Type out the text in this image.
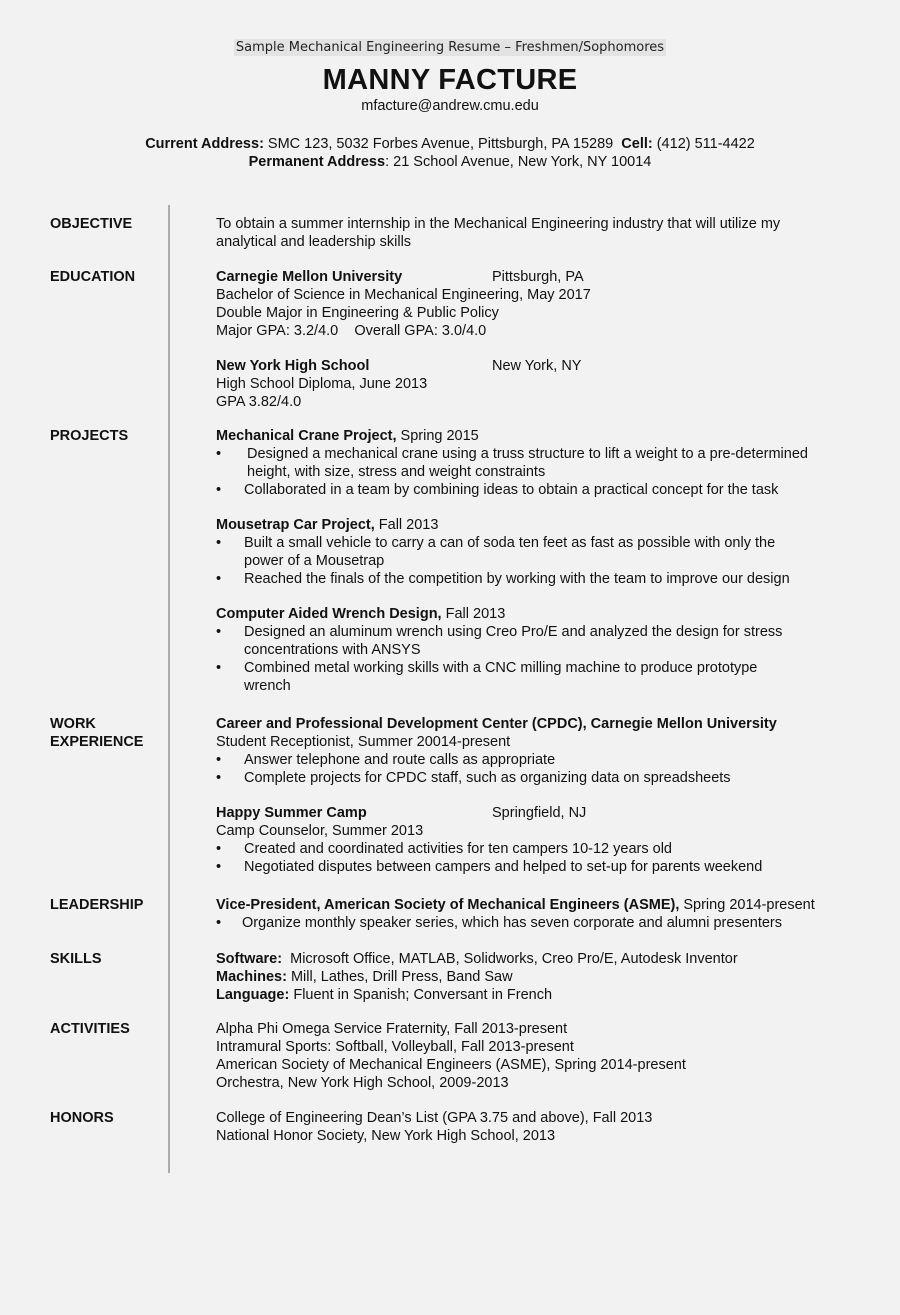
Sample Mechanical Engineering Resume – Freshmen/Sophomores
MANNY FACTURE
mfacture@andrew.cmu.edu
Current Address: SMC 123, 5032 Forbes Avenue, Pittsburgh, PA 15289 Cell: (412) 511-4422
Permanent Address: 21 School Avenue, New York, NY 10014
OBJECTIVE	To obtain a summer internship in the Mechanical Engineering industry that will utilize my
analytical and leadership skills
EDUCATION	Carnegie Mellon University	Pittsburgh, PA
Bachelor of Science in Mechanical Engineering, May 2017
Double Major in Engineering & Public Policy
Major GPA: 3.2/4.0    Overall GPA: 3.0/4.0
New York High School	New York, NY
High School Diploma, June 2013
GPA 3.82/4.0
PROJECTS	Mechanical Crane Project, Spring 2015
• Designed a mechanical crane using a truss structure to lift a weight to a pre-determined
height, with size, stress and weight constraints
• Collaborated in a team by combining ideas to obtain a practical concept for the task
Mousetrap Car Project, Fall 2013
• Built a small vehicle to carry a can of soda ten feet as fast as possible with only the
power of a Mousetrap
• Reached the finals of the competition by working with the team to improve our design
Computer Aided Wrench Design, Fall 2013
• Designed an aluminum wrench using Creo Pro/E and analyzed the design for stress
concentrations with ANSYS
• Combined metal working skills with a CNC milling machine to produce prototype
wrench
WORK
EXPERIENCE
Career and Professional Development Center (CPDC), Carnegie Mellon University
Student Receptionist, Summer 20014-present
• Answer telephone and route calls as appropriate
• Complete projects for CPDC staff, such as organizing data on spreadsheets
Happy Summer Camp	Springfield, NJ
Camp Counselor, Summer 2013
• Created and coordinated activities for ten campers 10-12 years old
• Negotiated disputes between campers and helped to set-up for parents weekend
LEADERSHIP	Vice-President, American Society of Mechanical Engineers (ASME), Spring 2014-present
• Organize monthly speaker series, which has seven corporate and alumni presenters
SKILLS	Software:  Microsoft Office, MATLAB, Solidworks, Creo Pro/E, Autodesk Inventor
Machines: Mill, Lathes, Drill Press, Band Saw
Language: Fluent in Spanish; Conversant in French
ACTIVITIES	Alpha Phi Omega Service Fraternity, Fall 2013-present
Intramural Sports: Softball, Volleyball, Fall 2013-present
American Society of Mechanical Engineers (ASME), Spring 2014-present
Orchestra, New York High School, 2009-2013
HONORS	College of Engineering Dean’s List (GPA 3.75 and above), Fall 2013
National Honor Society, New York High School, 2013
